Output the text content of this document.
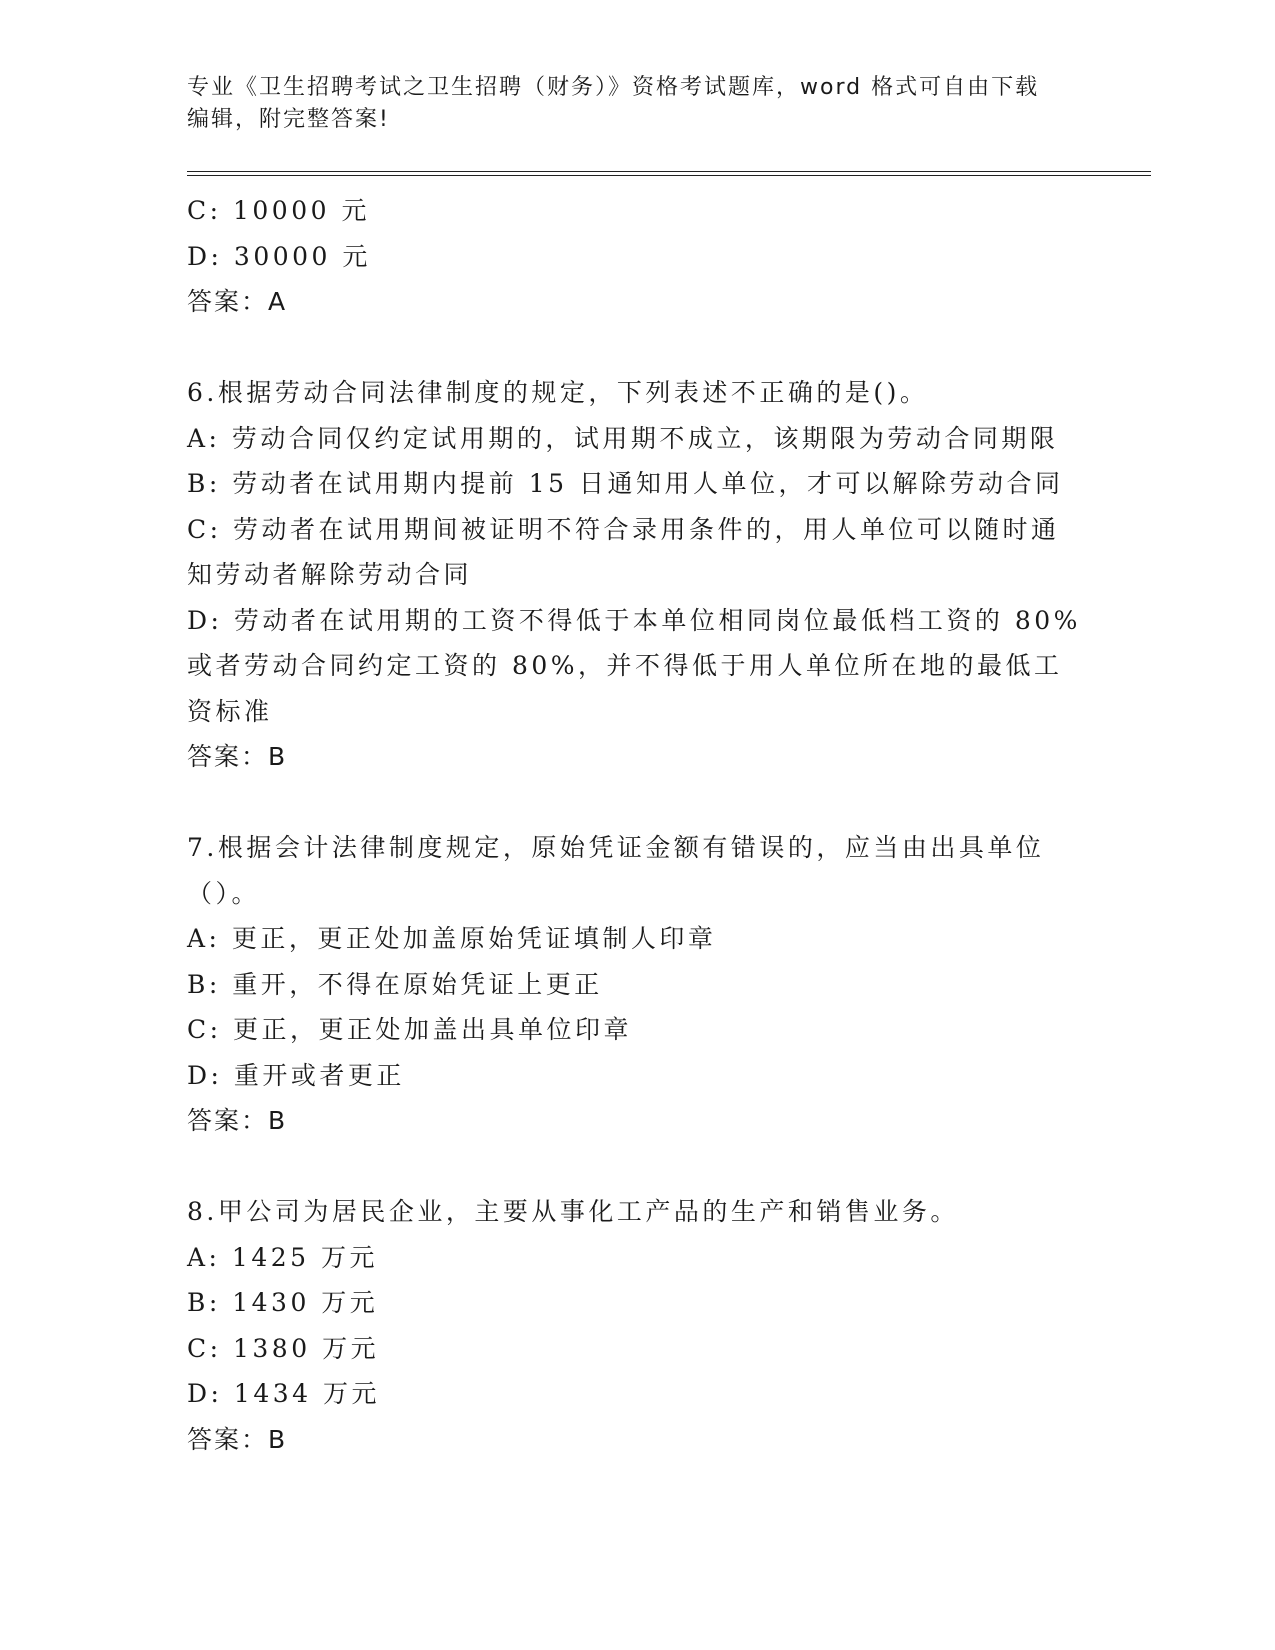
专业《卫生招聘考试之卫生招聘（财务）》资格考试题库，word 格式可自由下载
编辑，附完整答案!
C: 10000 元
D: 30000 元
答案：A
6.根据劳动合同法律制度的规定，下列表述不正确的是()。
A: 劳动合同仅约定试用期的，试用期不成立，该期限为劳动合同期限
B: 劳动者在试用期内提前 15 日通知用人单位，才可以解除劳动合同
C: 劳动者在试用期间被证明不符合录用条件的，用人单位可以随时通
知劳动者解除劳动合同
D: 劳动者在试用期的工资不得低于本单位相同岗位最低档工资的 80%
或者劳动合同约定工资的 80%，并不得低于用人单位所在地的最低工
资标准
答案：B
7.根据会计法律制度规定，原始凭证金额有错误的，应当由出具单位
（）。
A: 更正，更正处加盖原始凭证填制人印章
B: 重开，不得在原始凭证上更正
C: 更正，更正处加盖出具单位印章
D: 重开或者更正
答案：B
8.甲公司为居民企业，主要从事化工产品的生产和销售业务。
A: 1425 万元
B: 1430 万元
C: 1380 万元
D: 1434 万元
答案：B
